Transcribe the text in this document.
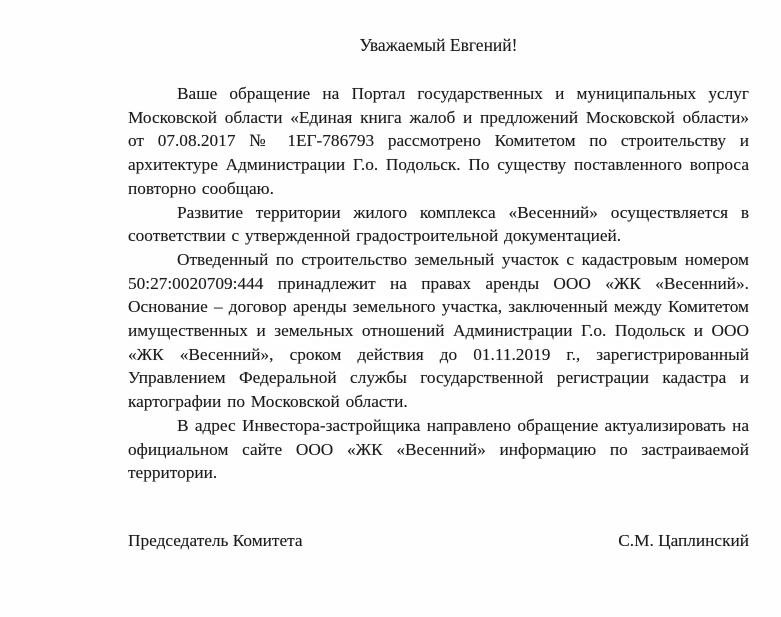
Уважаемый Евгений!

Ваше обращение на Портал государственных и муниципальных услуг Московской области «Единая книга жалоб и предложений Московской области» от 07.08.2017 № 1ЕГ-786793 рассмотрено Комитетом по строительству и архитектуре Администрации Г.о. Подольск. По существу поставленного вопроса повторно сообщаю.

Развитие территории жилого комплекса «Весенний» осуществляется в соответствии с утвержденной градостроительной документацией.

Отведенный по строительство земельный участок с кадастровым номером 50:27:0020709:444 принадлежит на правах аренды ООО «ЖК «Весенний». Основание – договор аренды земельного участка, заключенный между Комитетом имущественных и земельных отношений Администрации Г.о. Подольск и ООО «ЖК «Весенний», сроком действия до 01.11.2019 г., зарегистрированный Управлением Федеральной службы государственной регистрации кадастра и картографии по Московской области.

В адрес Инвестора-застройщика направлено обращение актуализировать на официальном сайте ООО «ЖК «Весенний» информацию по застраиваемой территории.

Председатель Комитета	С.М. Цаплинский
